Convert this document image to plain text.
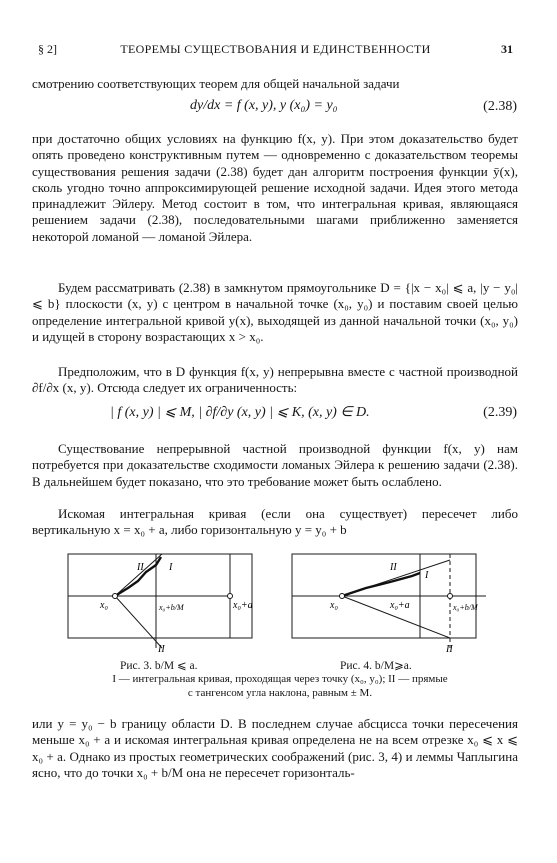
§ 2]	ТЕОРЕМЫ СУЩЕСТВОВАНИЯ И ЕДИНСТВЕННОСТИ	31
смотрению соответствующих теорем для общей начальной задачи
dy/dx = f (x, y), y (x₀) = y₀	(2.38)
при достаточно общих условиях на функцию f(x, y). При этом доказательство будет опять проведено конструктивным путем — одновременно с доказательством теоремы существования решения задачи (2.38) будет дан алгоритм построения функции ȳ(x), сколь угодно точно аппроксимирующей решение исходной задачи. Идея этого метода принадлежит Эйлеру. Метод состоит в том, что интегральная кривая, являющаяся решением задачи (2.38), последовательными шагами приближенно заменяется некоторой ломаной — ломаной Эйлера.
Будем рассматривать (2.38) в замкнутом прямоугольнике D = {|x − x₀| ⩽ a, |y − y₀| ⩽ b} плоскости (x, y) с центром в начальной точке (x₀, y₀) и поставим своей целью определение интегральной кривой y(x), выходящей из данной начальной точки (x₀, y₀) и идущей в сторону возрастающих x > x₀.
Предположим, что в D функция f(x, y) непрерывна вместе с частной производной ∂f/∂x (x, y). Отсюда следует их ограниченность:
| f (x, y) | ⩽ M, | ∂f/∂y (x, y) | ⩽ K, (x, y) ∈ D.	(2.39)
Существование непрерывной частной производной функции f(x, y) нам потребуется при доказательстве сходимости ломаных Эйлера к решению задачи (2.38). В дальнейшем будет показано, что это требование может быть ослаблено.
Искомая интегральная кривая (если она существует) пересечет либо вертикальную x = x₀ + a, либо горизонтальную y = y₀ + b
II	I
x₀	x₀+b/M	x₀+a
II
II
I
x₀	x₀+a	x₀+b/M
II
Рис. 3. b/M ⩽ a.	Рис. 4. b/M⩾a.
I — интегральная кривая, проходящая через точку (x₀, y₀); II — прямые
с тангенсом угла наклона, равным ± M.
или y = y₀ − b границу области D. В последнем случае абсцисса точки пересечения меньше x₀ + a и искомая интегральная кривая определена не на всем отрезке x₀ ⩽ x ⩽ x₀ + a. Однако из простых геометрических соображений (рис. 3, 4) и леммы Чаплыгина ясно, что до точки x₀ + b/M она не пересечет горизонталь-
